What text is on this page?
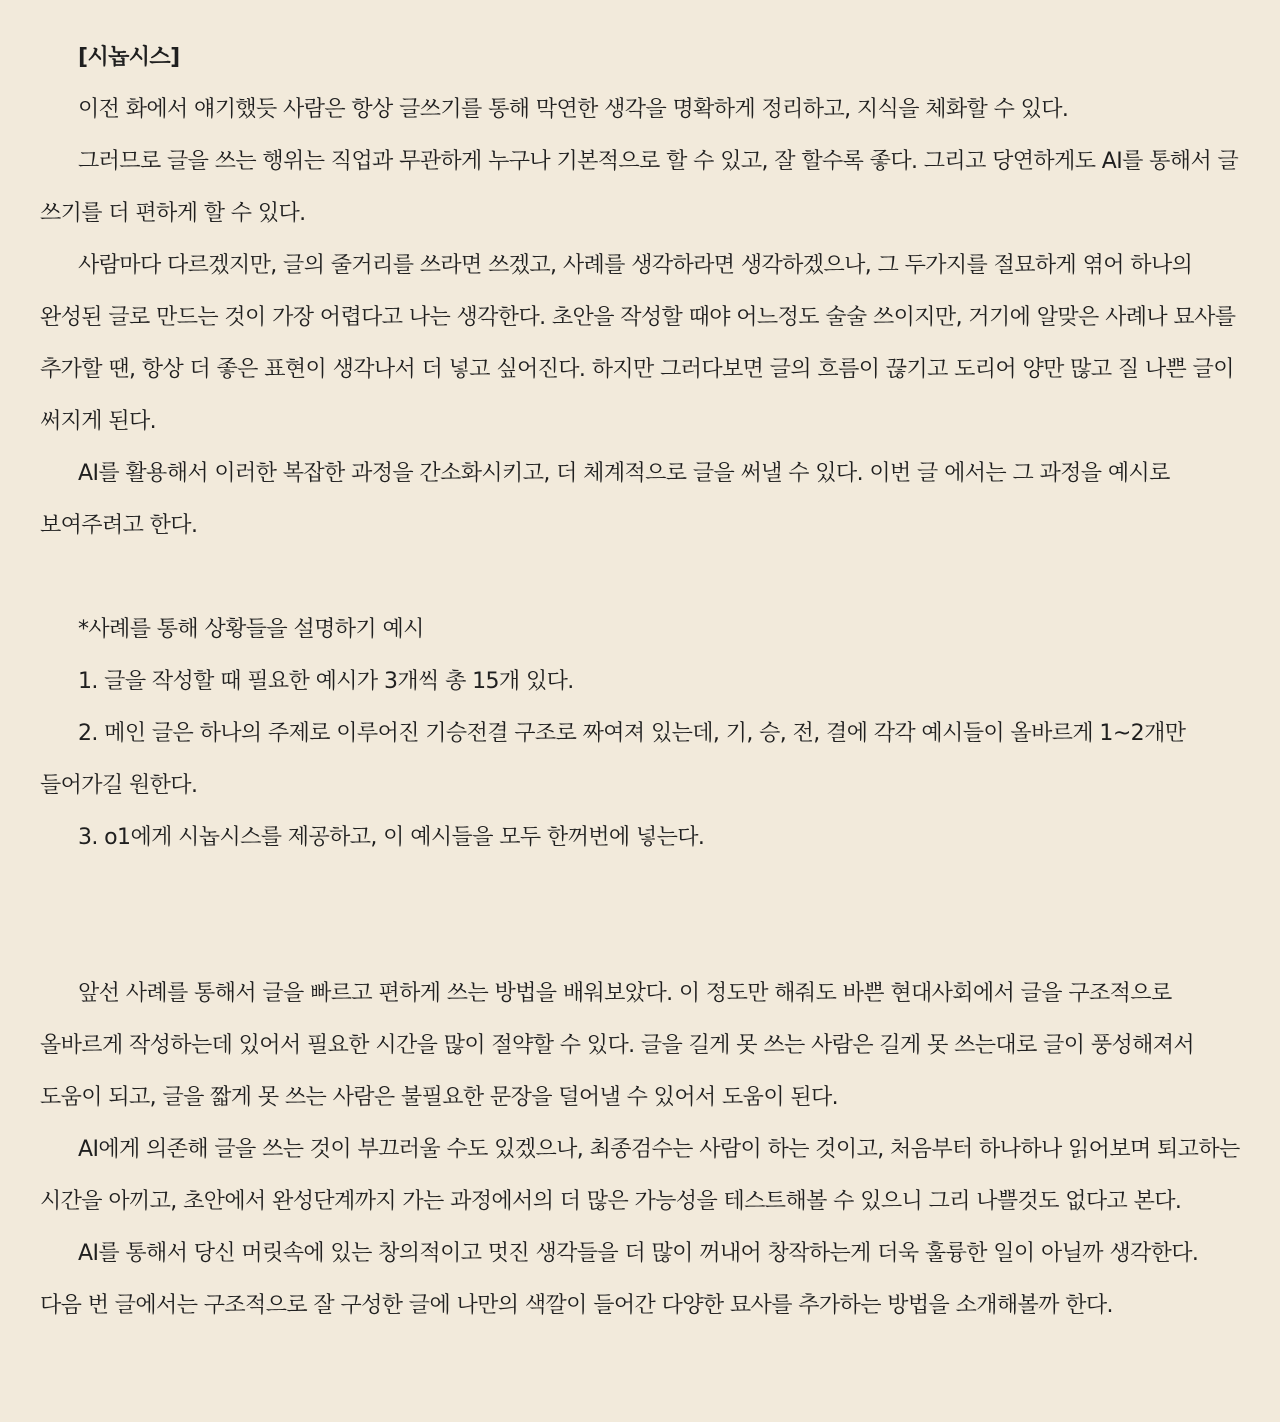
[시놉시스]

이전 화에서 얘기했듯 사람은 항상 글쓰기를 통해 막연한 생각을 명확하게 정리하고, 지식을 체화할 수 있다.

그러므로 글을 쓰는 행위는 직업과 무관하게 누구나 기본적으로 할 수 있고, 잘 할수록 좋다. 그리고 당연하게도 AI를 통해서 글 쓰기를 더 편하게 할 수 있다.

사람마다 다르겠지만, 글의 줄거리를 쓰라면 쓰겠고, 사례를 생각하라면 생각하겠으나, 그 두가지를 절묘하게 엮어 하나의 완성된 글로 만드는 것이 가장 어렵다고 나는 생각한다. 초안을 작성할 때야 어느정도 술술 쓰이지만, 거기에 알맞은 사례나 묘사를 추가할 땐, 항상 더 좋은 표현이 생각나서 더 넣고 싶어진다. 하지만 그러다보면 글의 흐름이 끊기고 도리어 양만 많고 질 나쁜 글이 써지게 된다.

AI를 활용해서 이러한 복잡한 과정을 간소화시키고, 더 체계적으로 글을 써낼 수 있다. 이번 글 에서는 그 과정을 예시로 보여주려고 한다.

*사례를 통해 상황들을 설명하기 예시

1. 글을 작성할 때 필요한 예시가 3개씩 총 15개 있다.

2. 메인 글은 하나의 주제로 이루어진 기승전결 구조로 짜여져 있는데, 기, 승, 전, 결에 각각 예시들이 올바르게 1~2개만 들어가길 원한다.

3. o1에게 시놉시스를 제공하고, 이 예시들을 모두 한꺼번에 넣는다.

앞선 사례를 통해서 글을 빠르고 편하게 쓰는 방법을 배워보았다. 이 정도만 해줘도 바쁜 현대사회에서 글을 구조적으로 올바르게 작성하는데 있어서 필요한 시간을 많이 절약할 수 있다. 글을 길게 못 쓰는 사람은 길게 못 쓰는대로 글이 풍성해져서 도움이 되고, 글을 짧게 못 쓰는 사람은 불필요한 문장을 덜어낼 수 있어서 도움이 된다.

AI에게 의존해 글을 쓰는 것이 부끄러울 수도 있겠으나, 최종검수는 사람이 하는 것이고, 처음부터 하나하나 읽어보며 퇴고하는 시간을 아끼고, 초안에서 완성단계까지 가는 과정에서의 더 많은 가능성을 테스트해볼 수 있으니 그리 나쁠것도 없다고 본다.

AI를 통해서 당신 머릿속에 있는 창의적이고 멋진 생각들을 더 많이 꺼내어 창작하는게 더욱 훌륭한 일이 아닐까 생각한다. 다음 번 글에서는 구조적으로 잘 구성한 글에 나만의 색깔이 들어간 다양한 묘사를 추가하는 방법을 소개해볼까 한다.
